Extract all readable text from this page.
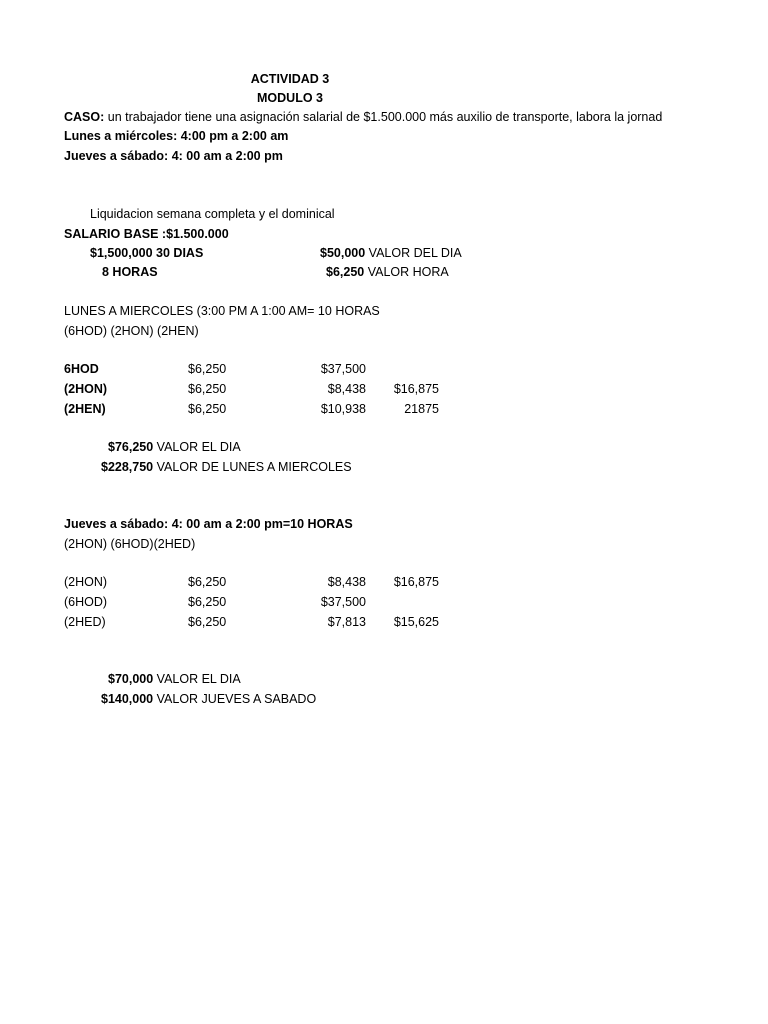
ACTIVIDAD 3
MODULO 3
CASO: un trabajador tiene una asignación salarial de $1.500.000 más auxilio de transporte, labora la jornad
Lunes a miércoles: 4:00 pm a 2:00 am
Jueves a sábado: 4: 00 am a 2:00 pm
Liquidacion semana completa y el dominical
SALARIO BASE :$1.500.000
$1,500,000 30 DIAS	$50,000 VALOR DEL DIA
8 HORAS	$6,250 VALOR HORA
LUNES A MIERCOLES (3:00 PM A 1:00 AM= 10 HORAS
(6HOD) (2HON) (2HEN)
6HOD	$6,250	$37,500
(2HON)	$6,250	$8,438	$16,875
(2HEN)	$6,250	$10,938	21875
$76,250 VALOR EL DIA
$228,750 VALOR DE LUNES A MIERCOLES
Jueves a sábado: 4: 00 am a 2:00 pm=10 HORAS
(2HON) (6HOD)(2HED)
(2HON)	$6,250	$8,438	$16,875
(6HOD)	$6,250	$37,500
(2HED)	$6,250	$7,813	$15,625
$70,000 VALOR EL DIA
$140,000 VALOR JUEVES A SABADO
